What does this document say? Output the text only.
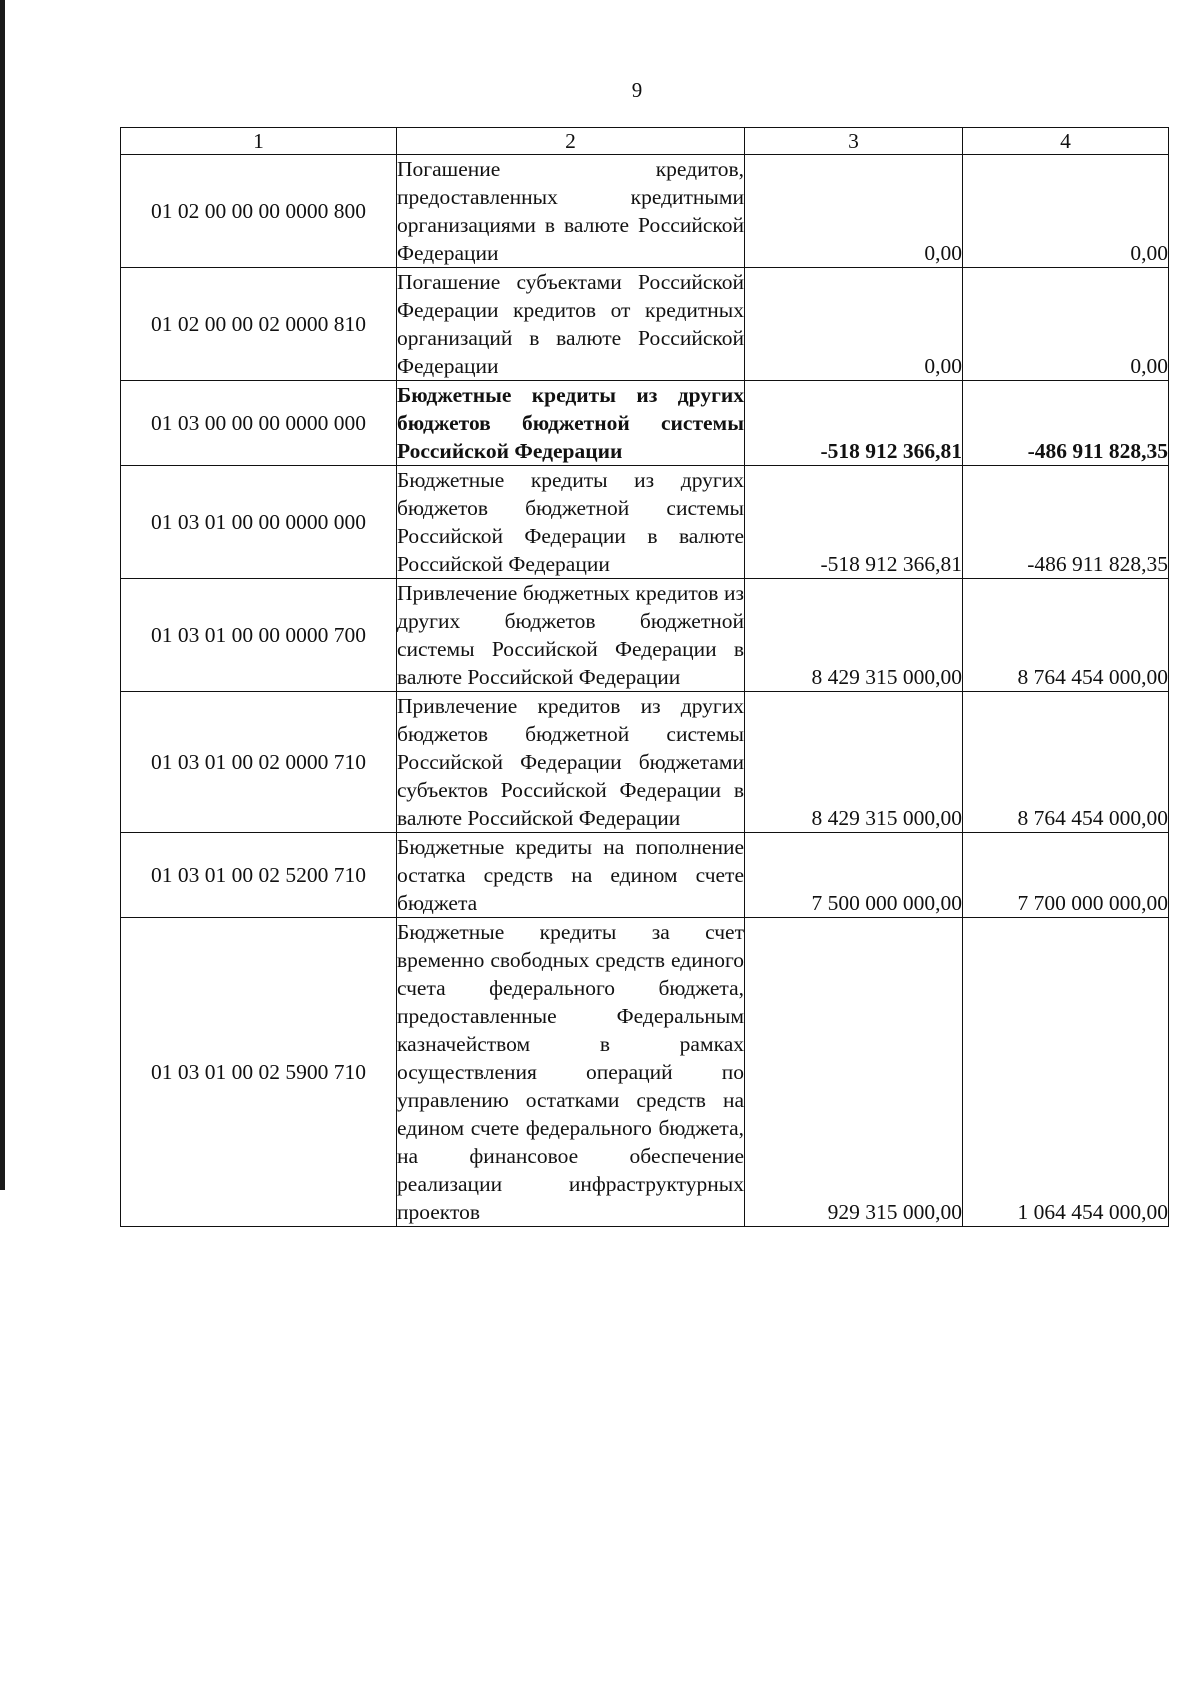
9
1	2	3	4
01 02 00 00 00 0000 800	Погашение кредитов, предоставленных кредитными организациями в валюте Российской Федерации	0,00	0,00
01 02 00 00 02 0000 810	Погашение субъектами Российской Федерации кредитов от кредитных организаций в валюте Российской Федерации	0,00	0,00
01 03 00 00 00 0000 000	Бюджетные кредиты из других бюджетов бюджетной системы Российской Федерации	-518 912 366,81	-486 911 828,35
01 03 01 00 00 0000 000	Бюджетные кредиты из других бюджетов бюджетной системы Российской Федерации в валюте Российской Федерации	-518 912 366,81	-486 911 828,35
01 03 01 00 00 0000 700	Привлечение бюджетных кредитов из других бюджетов бюджетной системы Российской Федерации в валюте Российской Федерации	8 429 315 000,00	8 764 454 000,00
01 03 01 00 02 0000 710	Привлечение кредитов из других бюджетов бюджетной системы Российской Федерации бюджетами субъектов Российской Федерации в валюте Российской Федерации	8 429 315 000,00	8 764 454 000,00
01 03 01 00 02 5200 710	Бюджетные кредиты на пополнение остатка средств на едином счете бюджета	7 500 000 000,00	7 700 000 000,00
01 03 01 00 02 5900 710	Бюджетные кредиты за счет временно свободных средств единого счета федерального бюджета, предоставленные Федеральным казначейством в рамках осуществления операций по управлению остатками средств на едином счете федерального бюджета, на финансовое обеспечение реализации инфраструктурных проектов	929 315 000,00	1 064 454 000,00
